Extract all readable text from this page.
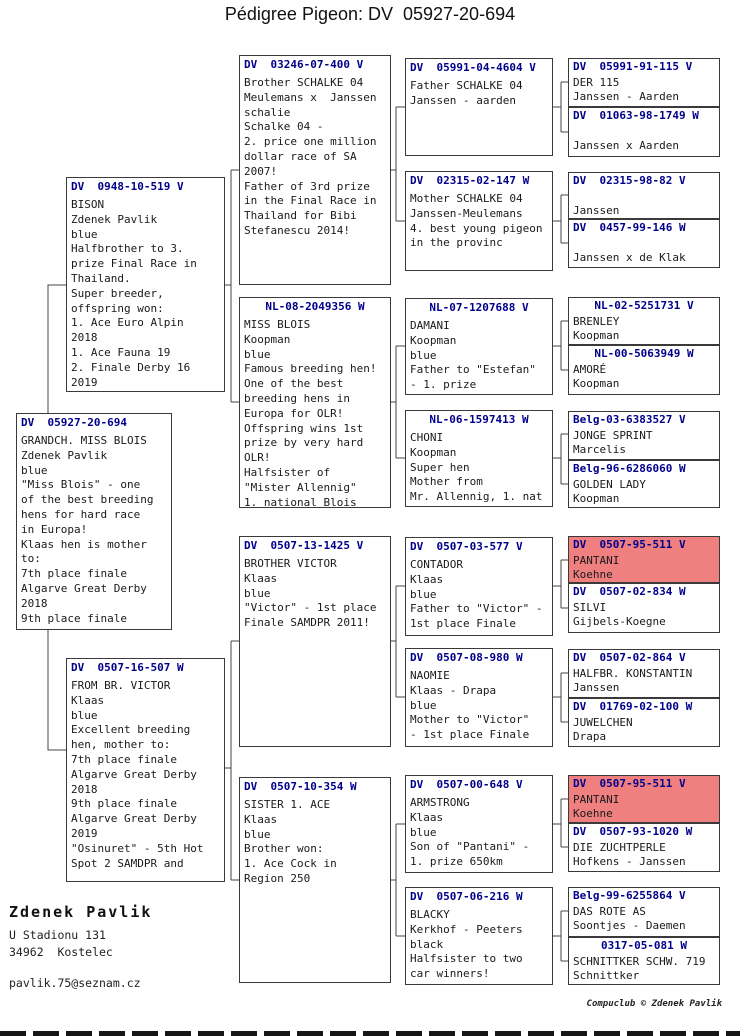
Pédigree Pigeon: DV  05927-20-694
DV  05927-20-694
GRANDCH. MISS BLOIS
Zdenek Pavlik
blue
"Miss Blois" - one
of the best breeding
hens for hard race
in Europa!
Klaas hen is mother
to:
7th place finale
Algarve Great Derby
2018
9th place finale
DV  0948-10-519 V
BISON
Zdenek Pavlik
blue
Halfbrother to 3.
prize Final Race in
Thailand.
Super breeder,
offspring won:
1. Ace Euro Alpin
2018
1. Ace Fauna 19
2. Finale Derby 16
2019
DV  0507-16-507 W
FROM BR. VICTOR
Klaas
blue
Excellent breeding
hen, mother to:
7th place finale
Algarve Great Derby
2018
9th place finale
Algarve Great Derby
2019
"Osinuret" - 5th Hot
Spot 2 SAMDPR and
DV  03246-07-400 V
Brother SCHALKE 04
Meulemans x  Janssen
schalie
Schalke 04 -
2. price one million
dollar race of SA
2007!
Father of 3rd prize
in the Final Race in
Thailand for Bibi
Stefanescu 2014!
NL-08-2049356 W
MISS BLOIS
Koopman
blue
Famous breeding hen!
One of the best
breeding hens in
Europa for OLR!
Offspring wins 1st
prize by very hard
OLR!
Halfsister of
"Mister Allennig"
1. national Blois
DV  0507-13-1425 V
BROTHER VICTOR
Klaas
blue
"Victor" - 1st place
Finale SAMDPR 2011!
DV  0507-10-354 W
SISTER 1. ACE
Klaas
blue
Brother won:
1. Ace Cock in
Region 250
DV  05991-04-4604 V
Father SCHALKE 04
Janssen - aarden
DV  02315-02-147 W
Mother SCHALKE 04
Janssen-Meulemans
4. best young pigeon
in the provinc
NL-07-1207688 V
DAMANI
Koopman
blue
Father to "Estefan"
- 1. prize
NL-06-1597413 W
CHONI
Koopman
Super hen
Mother from
Mr. Allennig, 1. nat
DV  0507-03-577 V
CONTADOR
Klaas
blue
Father to "Victor" -
1st place Finale
DV  0507-08-980 W
NAOMIE
Klaas - Drapa
blue
Mother to "Victor"
- 1st place Finale
DV  0507-00-648 V
ARMSTRONG
Klaas
blue
Son of "Pantani" -
1. prize 650km
DV  0507-06-216 W
BLACKY
Kerkhof - Peeters
black
Halfsister to two
car winners!
DV  05991-91-115 V
DER 115
Janssen - Aarden
DV  01063-98-1749 W

Janssen x Aarden
DV  02315-98-82 V

Janssen
DV  0457-99-146 W

Janssen x de Klak
NL-02-5251731 V
BRENLEY
Koopman
NL-00-5063949 W
AMORÉ
Koopman
Belg-03-6383527 V
JONGE SPRINT
Marcelis
Belg-96-6286060 W
GOLDEN LADY
Koopman
DV  0507-95-511 V
PANTANI
Koehne
DV  0507-02-834 W
SILVI
Gijbels-Koegne
DV  0507-02-864 V
HALFBR. KONSTANTIN
Janssen
DV  01769-02-100 W
JUWELCHEN
Drapa
DV  0507-95-511 V
PANTANI
Koehne
DV  0507-93-1020 W
DIE ZUCHTPERLE
Hofkens - Janssen
Belg-99-6255864 V
DAS ROTE AS
Soontjes - Daemen
0317-05-081 W
SCHNITTKER SCHW. 719
Schnittker
Zdenek Pavlik
U Stadionu 131
34962  Kostelec
pavlik.75@seznam.cz
Compuclub © Zdenek Pavlik
